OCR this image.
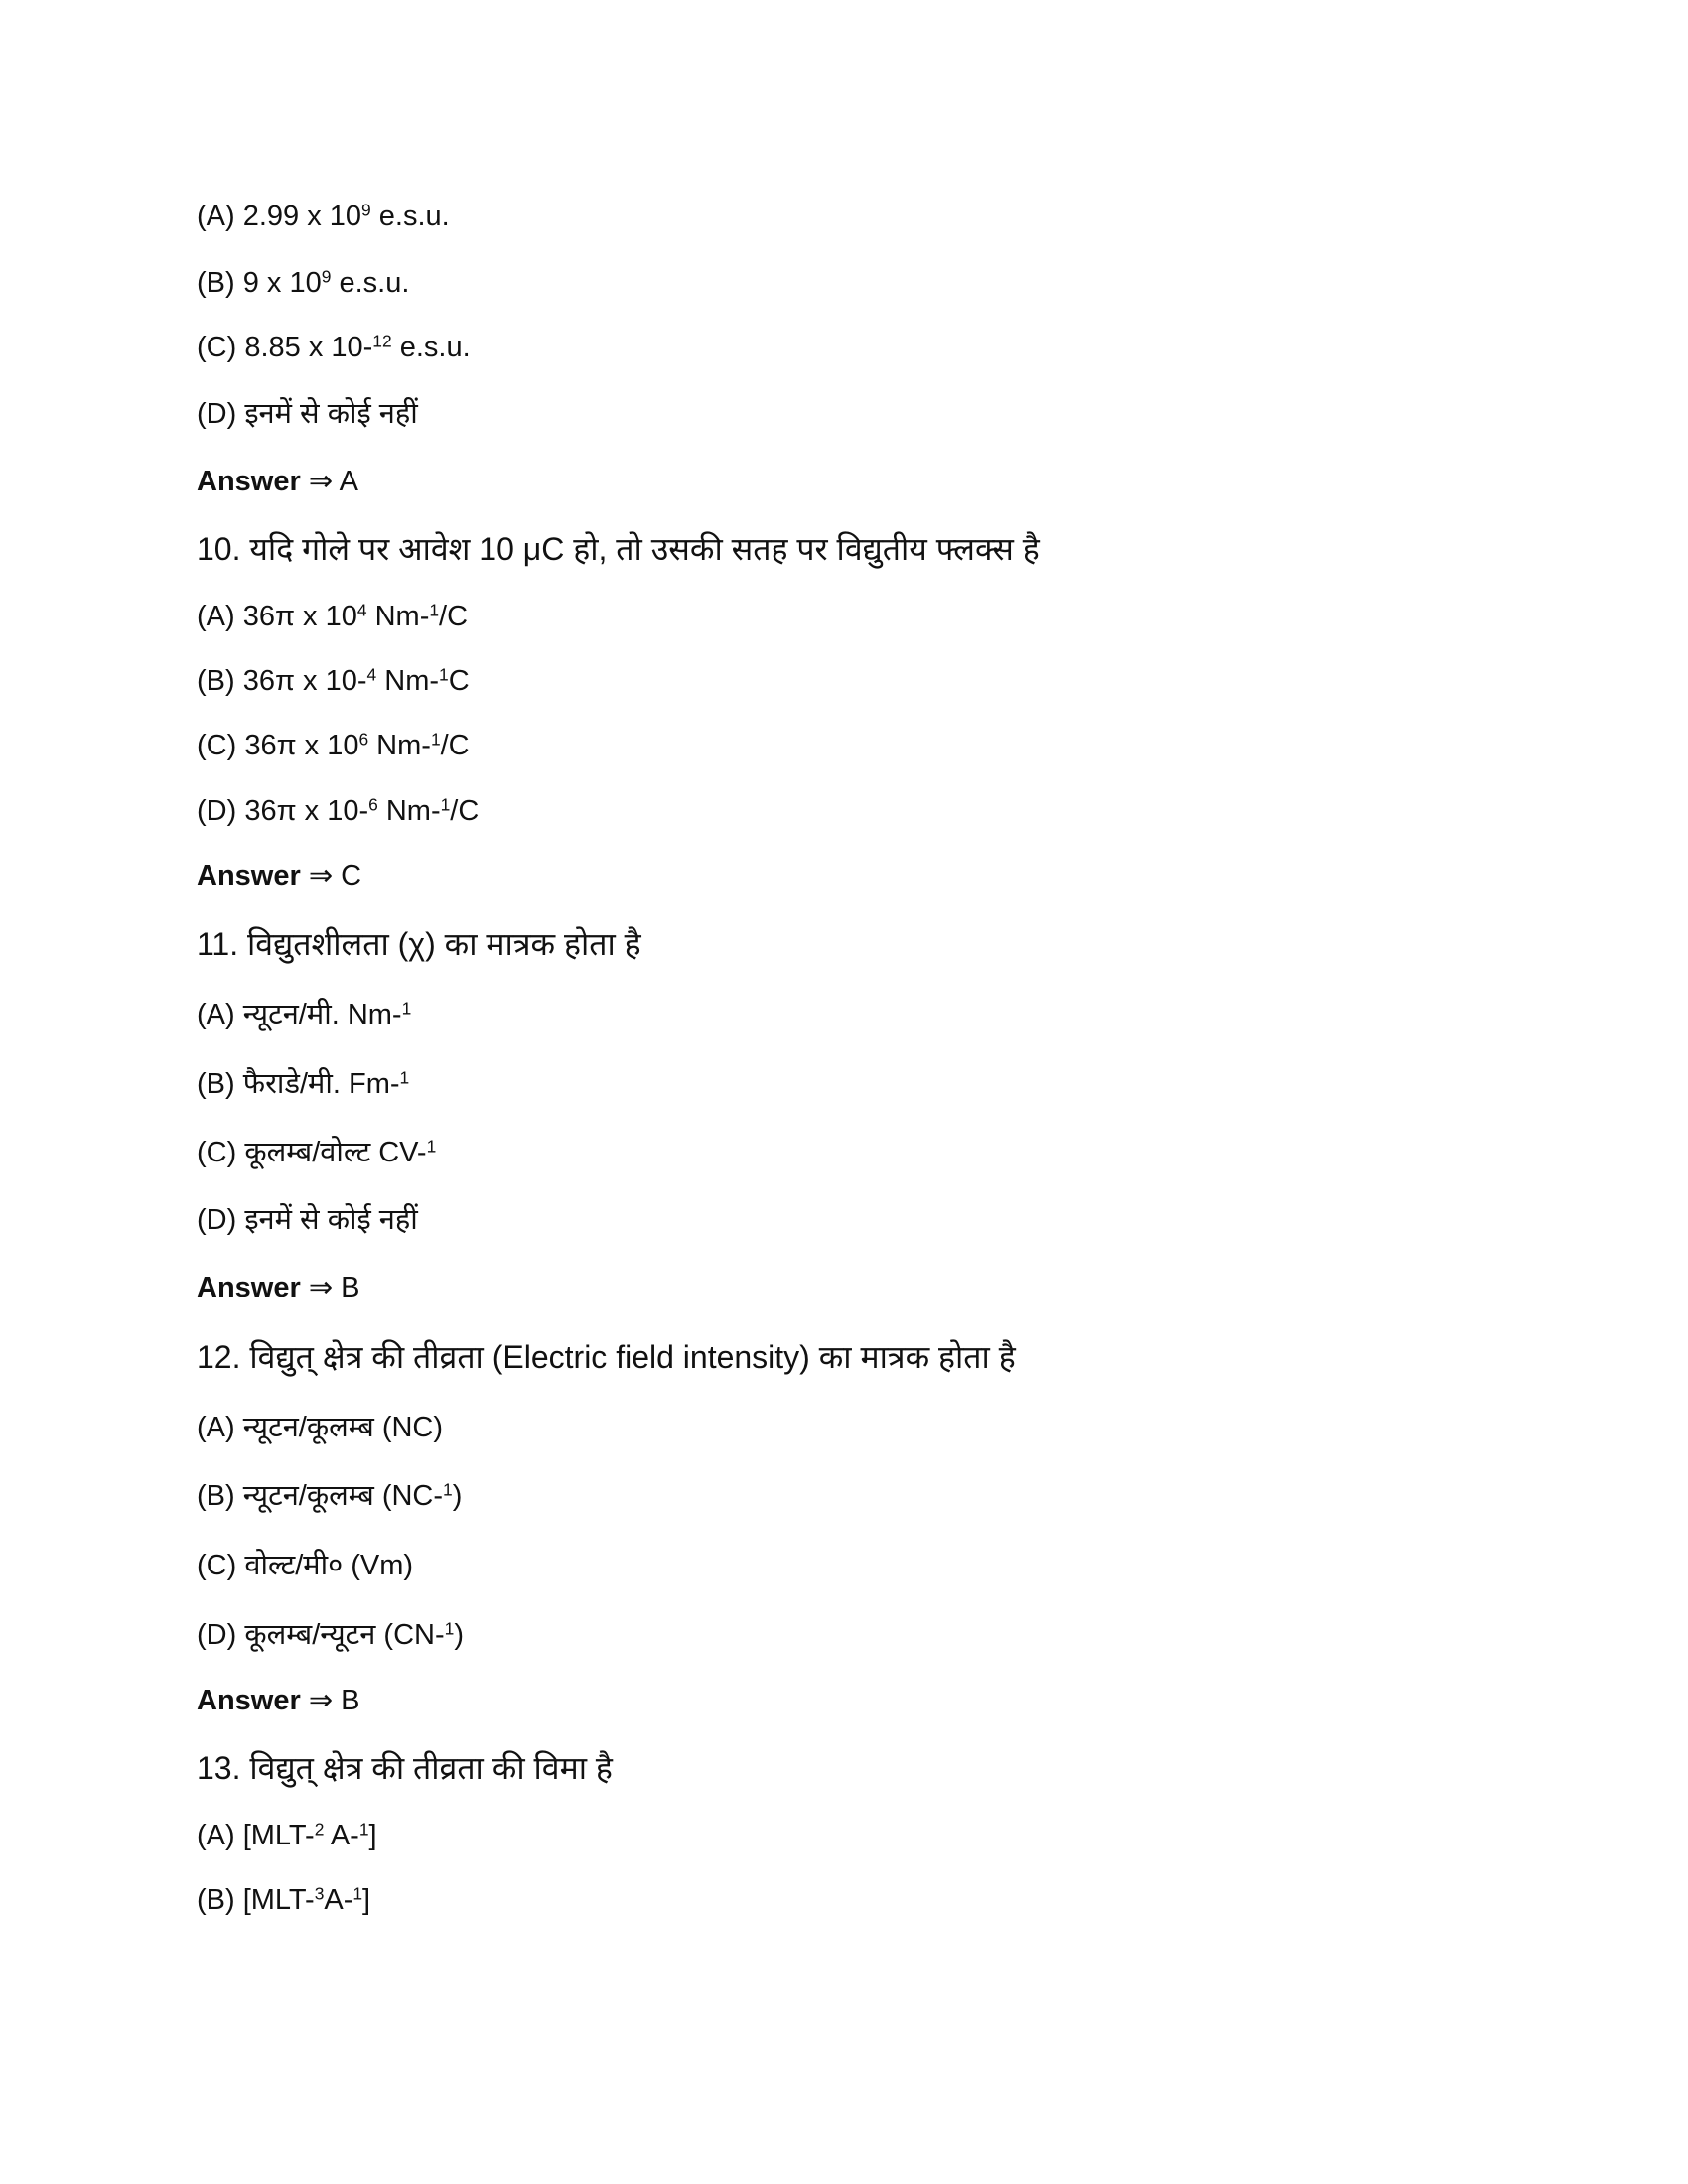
(A) 2.99 x $10^9$ e.s.u.
(B) 9 x $10^9$ e.s.u.
(C) 8.85 x 10-$^{12}$ e.s.u.
(D) इनमें से कोई नहीं
Answer ⇒ A
10. यदि गोले पर आवेश 10 μC हो, तो उसकी सतह पर विद्युतीय फ्लक्स है
(A) 36π x $10^4$ Nm-$^1$/C
(B) 36π x 10-$^4$ Nm-$^1$C
(C) 36π x $10^6$ Nm-$^1$/C
(D) 36π x 10-$^6$ Nm-$^1$/C
Answer ⇒ C
11. विद्युतशीलता (χ) का मात्रक होता है
(A) न्यूटन/मी. Nm-$^1$
(B) फैराडे/मी. Fm-$^1$
(C) कूलम्ब/वोल्ट CV-$^1$
(D) इनमें से कोई नहीं
Answer ⇒ B
12. विद्युत् क्षेत्र की तीव्रता (Electric field intensity) का मात्रक होता है
(A) न्यूटन/कूलम्ब (NC)
(B) न्यूटन/कूलम्ब (NC-$^1$)
(C) वोल्ट/मी० (Vm)
(D) कूलम्ब/न्यूटन (CN-$^1$)
Answer ⇒ B
13. विद्युत् क्षेत्र की तीव्रता की विमा है
(A) [MLT-$^2$ A-$^1$]
(B) [MLT-$^3$A-$^1$]
